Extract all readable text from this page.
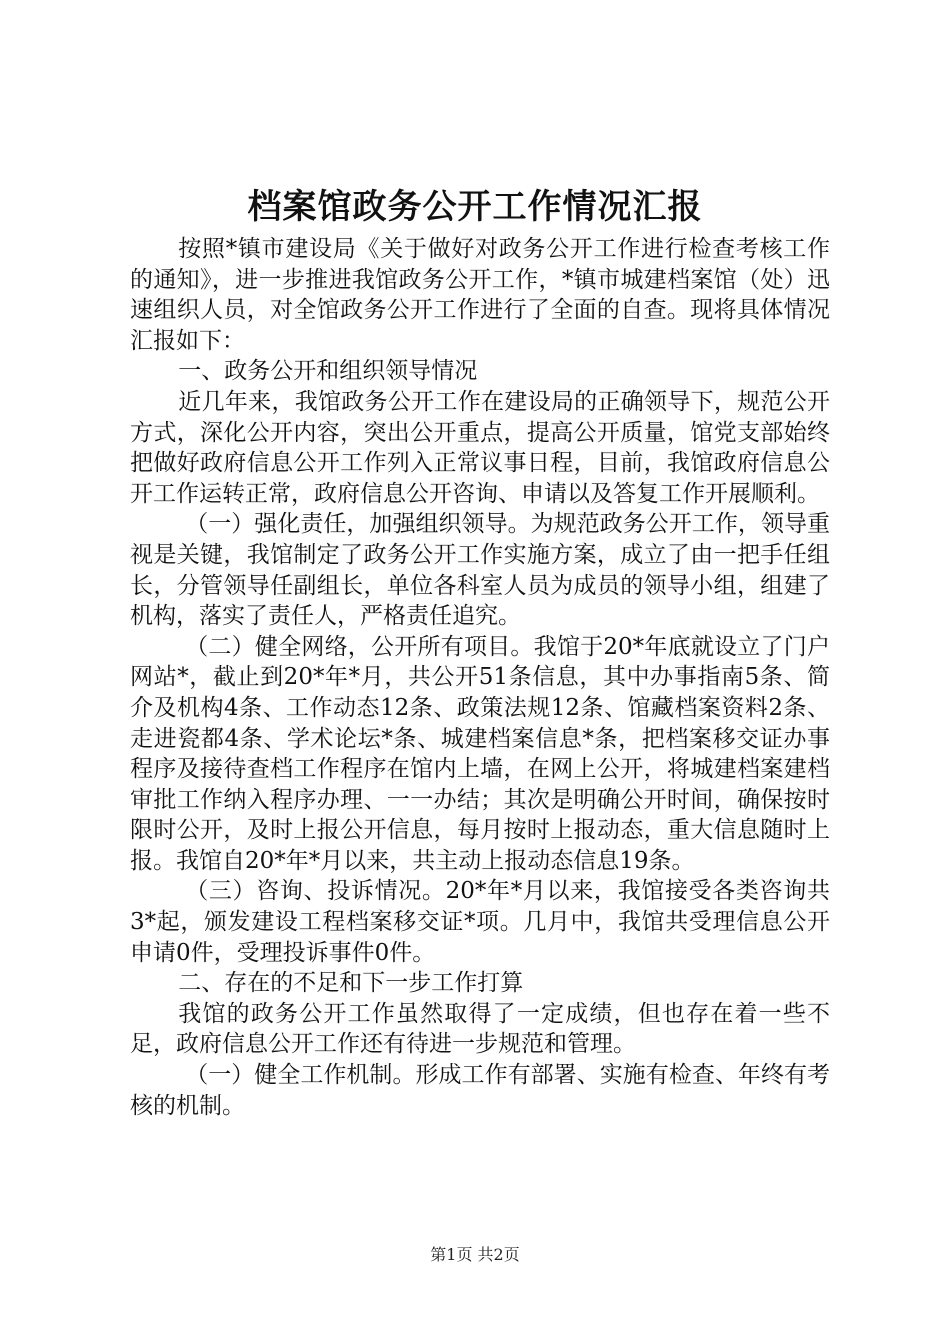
档案馆政务公开工作情况汇报

按照*镇市建设局《关于做好对政务公开工作进行检查考核工作的通知》，进一步推进我馆政务公开工作，*镇市城建档案馆（处）迅速组织人员，对全馆政务公开工作进行了全面的自查。现将具体情况汇报如下：

一、政务公开和组织领导情况

近几年来，我馆政务公开工作在建设局的正确领导下，规范公开方式，深化公开内容，突出公开重点，提高公开质量，馆党支部始终把做好政府信息公开工作列入正常议事日程，目前，我馆政府信息公开工作运转正常，政府信息公开咨询、申请以及答复工作开展顺利。

（一）强化责任，加强组织领导。为规范政务公开工作，领导重视是关键，我馆制定了政务公开工作实施方案，成立了由一把手任组长，分管领导任副组长，单位各科室人员为成员的领导小组，组建了机构，落实了责任人，严格责任追究。

（二）健全网络，公开所有项目。我馆于20*年底就设立了门户网站*，截止到20*年*月，共公开51条信息，其中办事指南5条、简介及机构4条、工作动态12条、政策法规12条、馆藏档案资料2条、走进瓷都4条、学术论坛*条、城建档案信息*条，把档案移交证办事程序及接待查档工作程序在馆内上墙，在网上公开，将城建档案建档审批工作纳入程序办理、一一办结；其次是明确公开时间，确保按时限时公开，及时上报公开信息，每月按时上报动态，重大信息随时上报。我馆自20*年*月以来，共主动上报动态信息19条。

（三）咨询、投诉情况。20*年*月以来，我馆接受各类咨询共3*起，颁发建设工程档案移交证*项。几月中，我馆共受理信息公开申请0件，受理投诉事件0件。

二、存在的不足和下一步工作打算

我馆的政务公开工作虽然取得了一定成绩，但也存在着一些不足，政府信息公开工作还有待进一步规范和管理。

（一）健全工作机制。形成工作有部署、实施有检查、年终有考核的机制。

第1页 共2页
